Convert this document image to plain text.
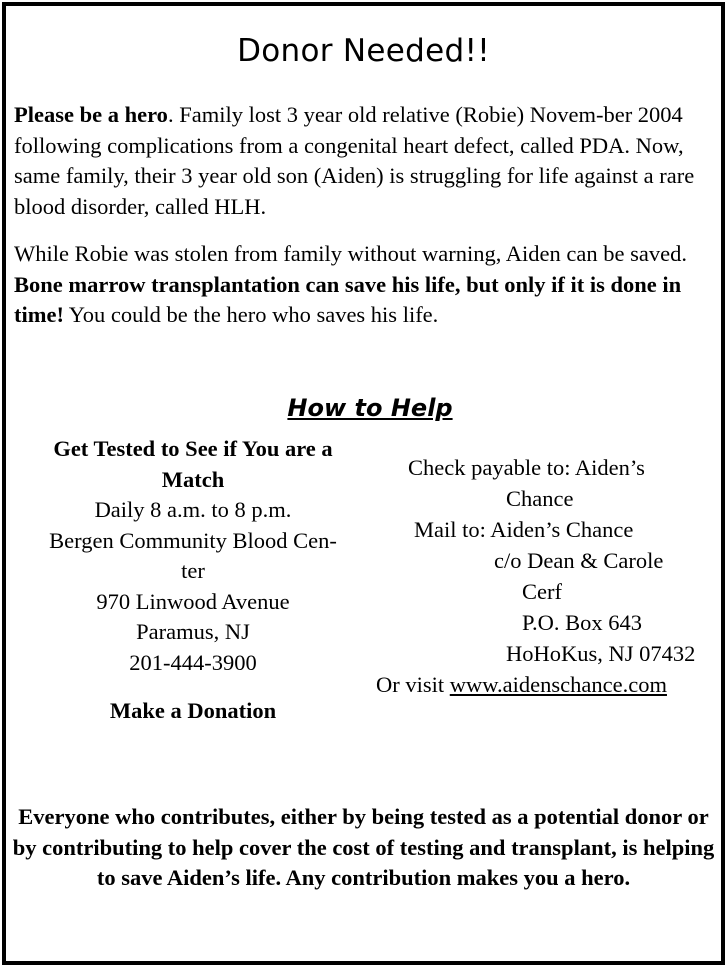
Donor Needed!!

Please be a hero. Family lost 3 year old relative (Robie) Novem-ber 2004 following complications from a congenital heart defect, called PDA. Now, same family, their 3 year old son (Aiden) is struggling for life against a rare blood disorder, called HLH.

While Robie was stolen from family without warning, Aiden can be saved. Bone marrow transplantation can save his life, but only if it is done in time! You could be the hero who saves his life.

How to Help
Get Tested to See if You are a
Match
Daily 8 a.m. to 8 p.m.
Bergen Community Blood Cen-
ter
970 Linwood Avenue
Paramus, NJ
201-444-3900
Make a Donation
Check payable to: Aiden’s
Chance
Mail to: Aiden’s Chance
c/o Dean & Carole
Cerf
P.O. Box 643
HoHoKus, NJ 07432
Or visit www.aidenschance.com

Everyone who contributes, either by being tested as a potential donor or by contributing to help cover the cost of testing and transplant, is helping to save Aiden’s life. Any contribution makes you a hero.
